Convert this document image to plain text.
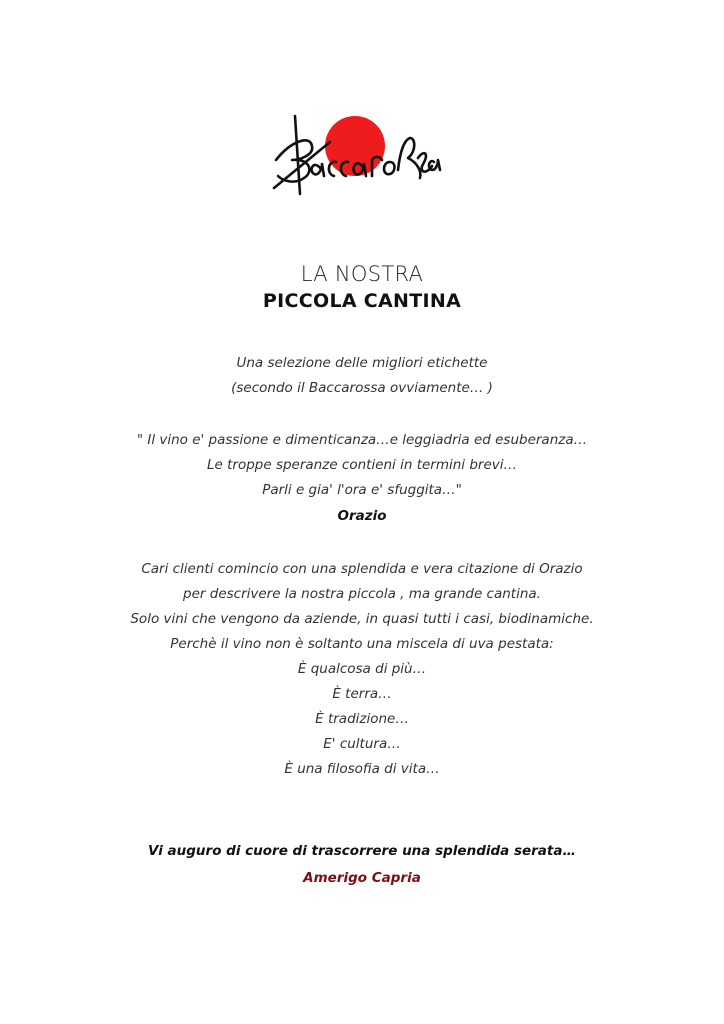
LA NOSTRA
PICCOLA CANTINA
Una selezione delle migliori etichette
(secondo il Baccarossa ovviamente… )
" Il vino e' passione e dimenticanza…e leggiadria ed esuberanza…
Le troppe speranze contieni in termini brevi…
Parli e gia' l'ora e' sfuggita…"
Orazio
Cari clienti comincio con una splendida e vera citazione di Orazio
per descrivere la nostra piccola , ma grande cantina.
Solo vini che vengono da aziende, in quasi tutti i casi, biodinamiche.
Perchè il vino non è soltanto una miscela di uva pestata:
È qualcosa di più…
È terra…
È tradizione…
E' cultura…
È una filosofia di vita…
Vi auguro di cuore di trascorrere una splendida serata…
Amerigo Capria
